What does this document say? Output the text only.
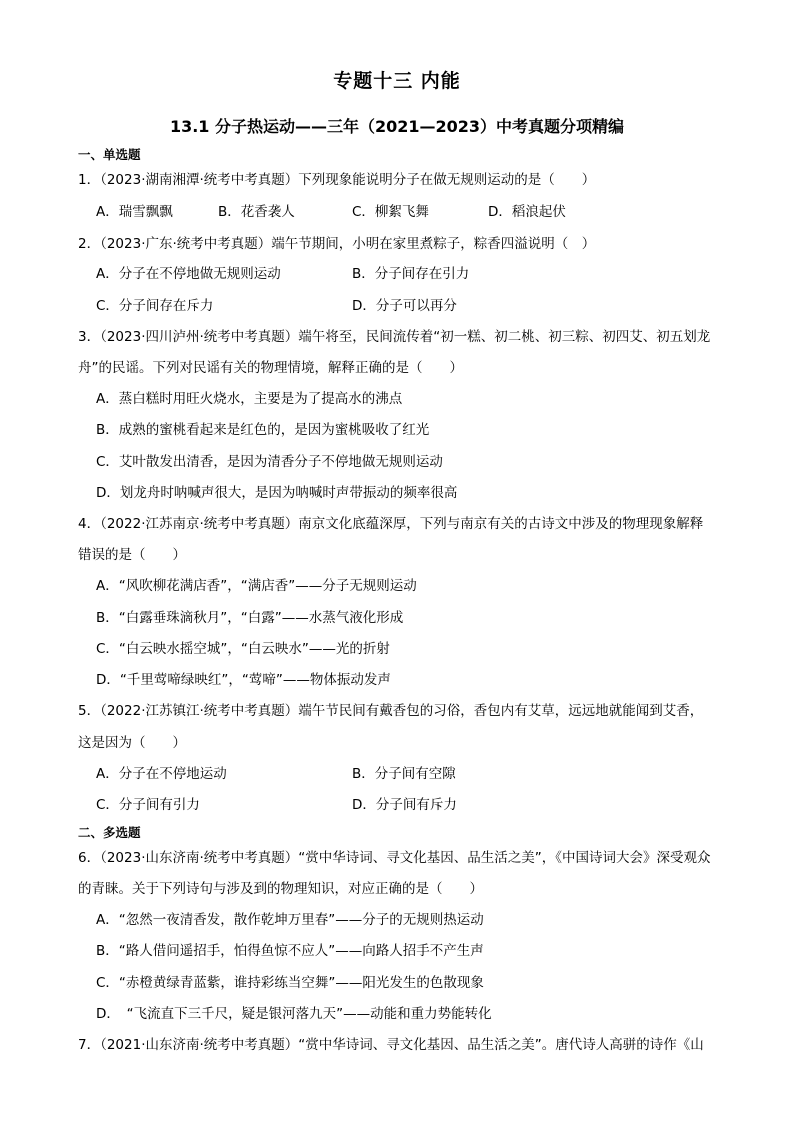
专题十三 内能
13.1 分子热运动——三年（2021—2023）中考真题分项精编
一、单选题
1．（2023·湖南湘潭·统考中考真题）下列现象能说明分子在做无规则运动的是（　　）
A．瑞雪飘飘	B．花香袭人	C．柳絮飞舞	D．稻浪起伏
2．（2023·广东·统考中考真题）端午节期间，小明在家里煮粽子，粽香四溢说明（　）
A．分子在不停地做无规则运动	B．分子间存在引力
C．分子间存在斥力	D．分子可以再分
3．（2023·四川泸州·统考中考真题）端午将至，民间流传着“初一糕、初二桃、初三粽、初四艾、初五划龙
舟”的民谣。下列对民谣有关的物理情境，解释正确的是（　　）
A．蒸白糕时用旺火烧水，主要是为了提高水的沸点
B．成熟的蜜桃看起来是红色的，是因为蜜桃吸收了红光
C．艾叶散发出清香，是因为清香分子不停地做无规则运动
D．划龙舟时呐喊声很大，是因为呐喊时声带振动的频率很高
4．（2022·江苏南京·统考中考真题）南京文化底蕴深厚，下列与南京有关的古诗文中涉及的物理现象解释
错误的是（　　）
A．“风吹柳花满店香”，“满店香”——分子无规则运动
B．“白露垂珠滴秋月”，“白露”——水蒸气液化形成
C．“白云映水摇空城”，“白云映水”——光的折射
D．“千里莺啼绿映红”，“莺啼”——物体振动发声
5．（2022·江苏镇江·统考中考真题）端午节民间有戴香包的习俗，香包内有艾草，远远地就能闻到艾香，
这是因为（　　）
A．分子在不停地运动	B．分子间有空隙
C．分子间有引力	D．分子间有斥力
二、多选题
6．（2023·山东济南·统考中考真题）“赏中华诗词、寻文化基因、品生活之美”，《中国诗词大会》深受观众
的青睐。关于下列诗句与涉及到的物理知识，对应正确的是（　　）
A．“忽然一夜清香发，散作乾坤万里春”——分子的无规则热运动
B．“路人借问遥招手，怕得鱼惊不应人”——向路人招手不产生声
C．“赤橙黄绿青蓝紫，谁持彩练当空舞”——阳光发生的色散现象
D．　“飞流直下三千尺，疑是银河落九天”——动能和重力势能转化
7．（2021·山东济南·统考中考真题）“赏中华诗词、寻文化基因、品生活之美”。唐代诗人高骈的诗作《山
